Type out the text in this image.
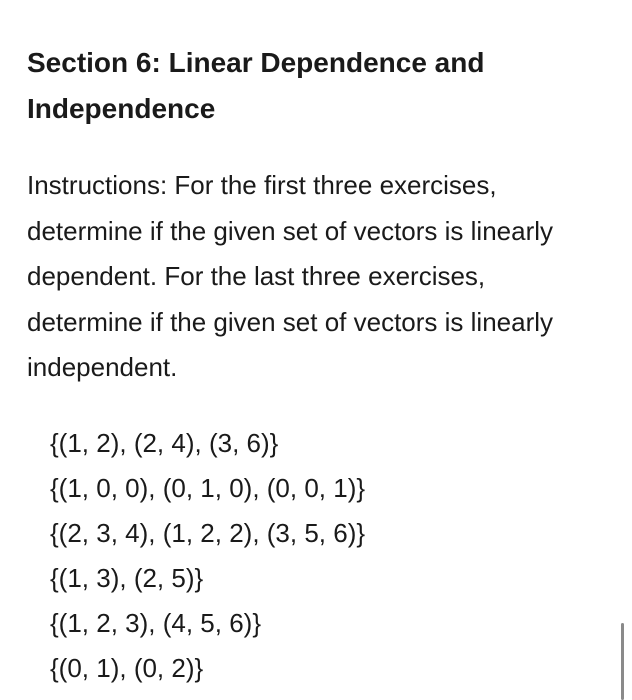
Section 6: Linear Dependence and Independence

Instructions: For the first three exercises, determine if the given set of vectors is linearly dependent. For the last three exercises, determine if the given set of vectors is linearly independent.

{(1, 2), (2, 4), (3, 6)}
{(1, 0, 0), (0, 1, 0), (0, 0, 1)}
{(2, 3, 4), (1, 2, 2), (3, 5, 6)}
{(1, 3), (2, 5)}
{(1, 2, 3), (4, 5, 6)}
{(0, 1), (0, 2)}
